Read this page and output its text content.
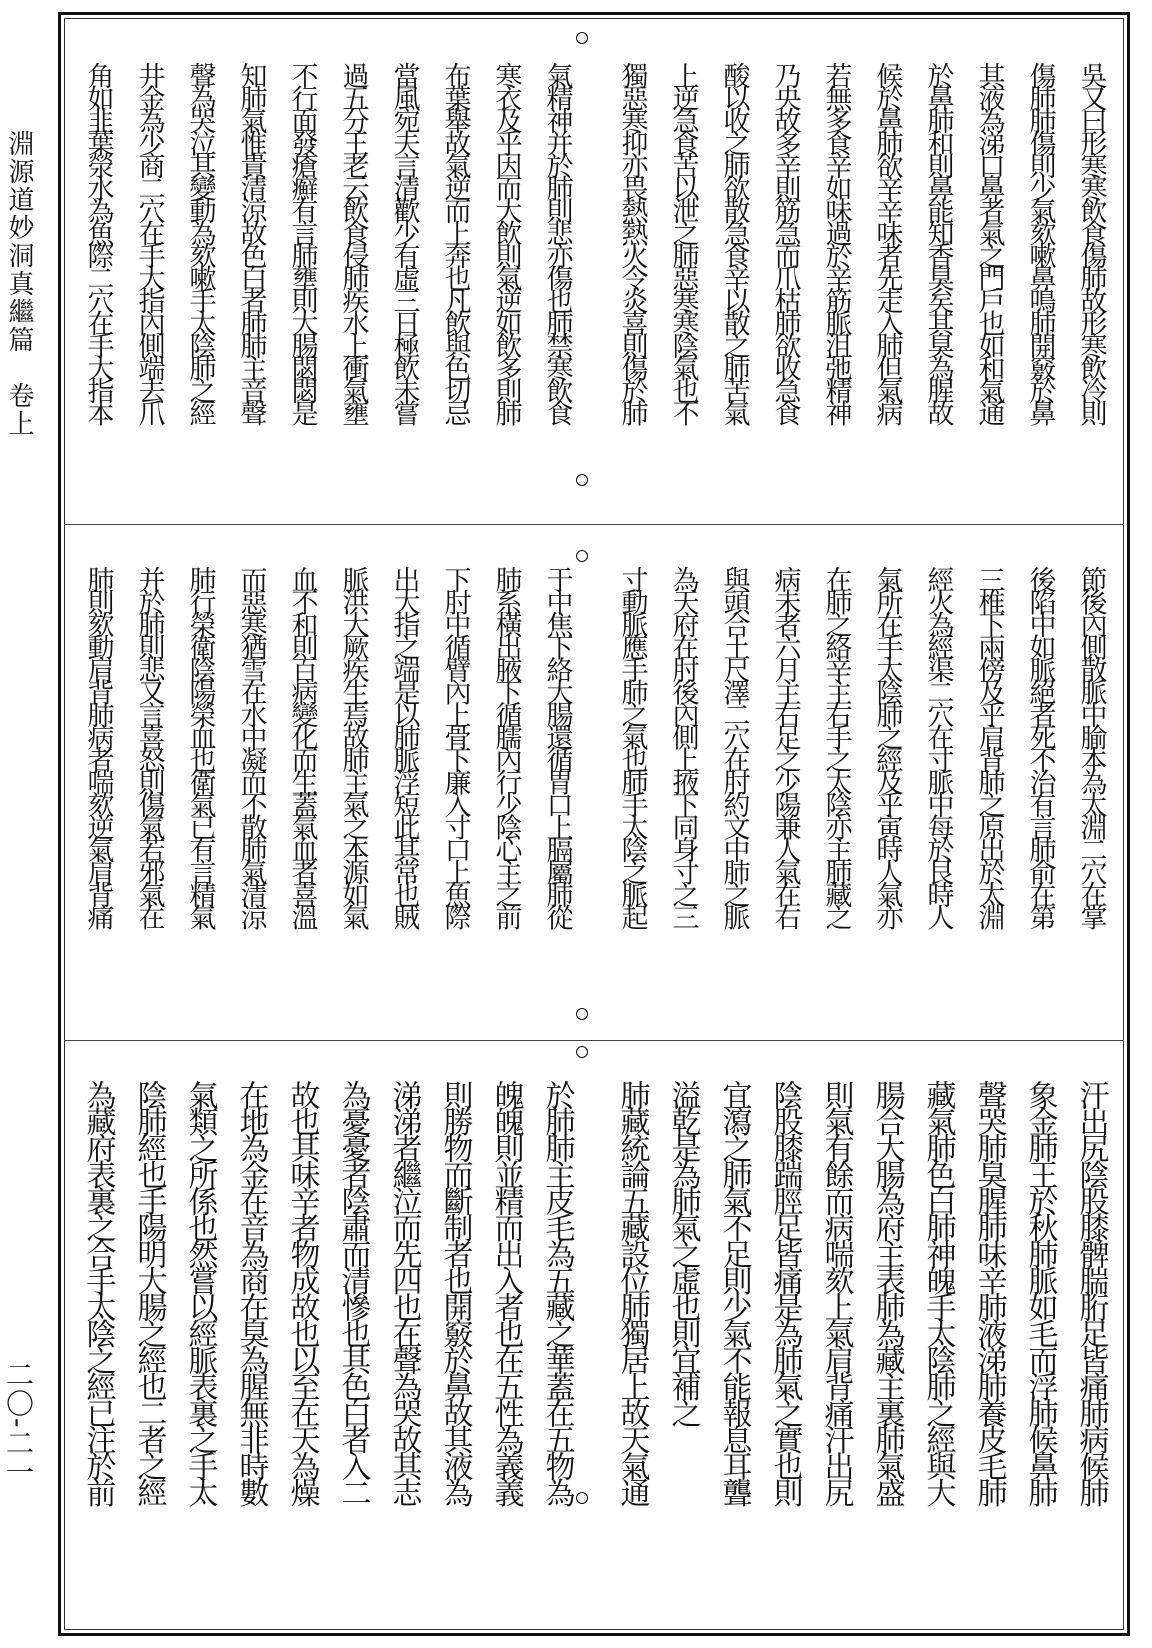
淵源道妙洞真繼篇　卷上
二〇-二一
吳又曰形寒寒飲食傷肺故形寒飲冷則
傷肺肺傷則少氣欬嗽鼻鳴肺開竅於鼻
其液為涕口鼻者氣之門戶也如和氣通
於鼻肺和則鼻能知香臭矣其臭為腥故
候於鼻肺欲辛辛味者先走入肺但氣病
若無多食辛如味過於辛筋脈沮弛精神
乃央故多辛則筋急而爪枯肺欲收急食
酸以收之肺欲散急食辛以散之肺苦氣
上逆急食苦以泄之肺惡寒寒陰氣也不
獨惡寒抑亦畏熱熱火令炎喜則傷於肺
氣精神并於肺則悲亦傷也肺禁寒飲食
寒衣及乎因而大飲則氣逆如飲多則肺
布葉舉故氣逆而上奔也凡飲與色切忌
當風宛夫言清歡少有虛三日極飲未嘗
過五分王老云飲食侵肺疾水上衝氣壅
不行面發瘡癬有言肺壅則大腸閟閟是
知肺氣惟貴清涼故色白者肺肺主音聲
聲為哭泣其變動為欬嗽手太陰肺之經
井金為少商二穴在手大指內側端去爪
角如韭葉滎水為魚際二穴在手大指本
節後內側散脈中腧本為太淵二穴在掌
後陷中如脈絕者死不治有言肺俞在第
三椎下兩傍及乎肩背肺之原出於太淵
經火為經渠二穴在寸脈中每於艮時人
氣所在手太陰肺之經及乎寅時人氣亦
在肺之絡辛主右手之太陰亦主肺藏之
病未者六月主右足之少陽兼人氣在右
與頭合土尺澤二穴在肘約文中肺之脈
為天府在肘後內側上掖下同身寸之三
寸動脈應手肺之氣也肺手太陰之脈起
于中焦下絡大腸還循胃口上膈屬肺從
肺系橫出腋下循臑內行少陰心主之前
下肘中循臂內上骨下廉入寸口上魚際
出大指之端是以肺脈浮短此其常也賊
脈洪大厥疾生焉故肺主氣之本源如氣
血不和則百病變化而生蓋氣血者喜溫
而惡寒猶雪在水中凝而不散肺氣清涼
肺行榮衛陰陽榮血也衛氣已有言精氣
并於肺則悲又言喜怒則傷氣若邪氣在
肺則欬動肩背肺病者喘欬逆氣肩背痛
汗出尻陰股膝髀腨胻足皆痛肺病候肺
象金肺王於秋肺脈如毛而浮肺候鼻肺
聲哭肺臭腥肺味辛肺液涕肺養皮毛肺
藏氣肺色白肺神魄手太陰肺之經與大
腸合大腸為府主表肺為藏主裏肺氣盛
則氣有餘而病喘欬上氣肩背痛汗出尻
陰股膝踹脛足皆痛是為肺氣之實也則
宜瀉之肺氣不足則少氣不能報息耳聾
溢乾是為肺氣之虛也則宜補之
肺藏統論五藏設位肺獨居上故天氣通
於肺肺主皮毛為五藏之華蓋在五物為
魄魄則並精而出入者也在五性為義義
則勝物而斷制者也開竅於鼻故其液為
涕涕者繼泣而先四也在聲為哭故其志
為憂憂者陰肅而清慘也其色白者入二
故也其味辛者物成故也以至在天為燥
在地為金在音為商在臭為腥無非時數
氣類之所係也然嘗以經脈表裏之手太
陰肺經也手陽明大腸之經也二者之經
為藏府表裏之合手太陰之經已注於前
